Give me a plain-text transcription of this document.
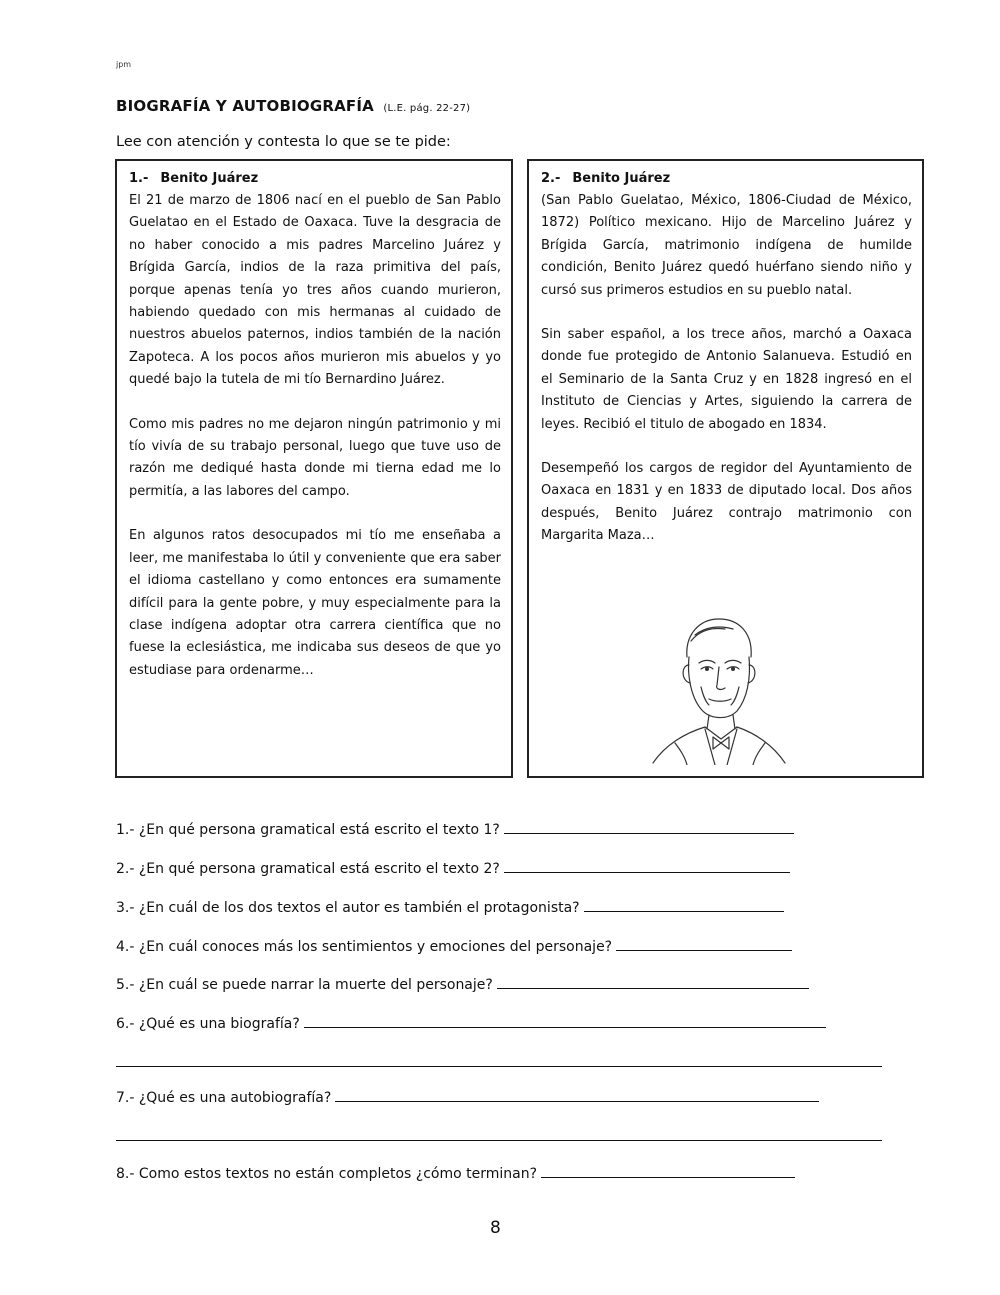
jpm
BIOGRAFÍA Y AUTOBIOGRAFÍA (L.E. pág. 22-27)
Lee con atención y contesta lo que se te pide:
1.- Benito Juárez

El 21 de marzo de 1806 nací en el pueblo de San Pablo Guelatao en el Estado de Oaxaca. Tuve la desgracia de no haber conocido a mis padres Marcelino Juárez y Brígida García, indios de la raza primitiva del país, porque apenas tenía yo tres años cuando murieron, habiendo quedado con mis hermanas al cuidado de nuestros abuelos paternos, indios también de la nación Zapoteca. A los pocos años murieron mis abuelos y yo quedé bajo la tutela de mi tío Bernardino Juárez.

Como mis padres no me dejaron ningún patrimonio y mi tío vivía de su trabajo personal, luego que tuve uso de razón me dediqué hasta donde mi tierna edad me lo permitía, a las labores del campo.

En algunos ratos desocupados mi tío me enseñaba a leer, me manifestaba lo útil y conveniente que era saber el idioma castellano y como entonces era sumamente difícil para la gente pobre, y muy especialmente para la clase indígena adoptar otra carrera científica que no fuese la eclesiástica, me indicaba sus deseos de que yo estudiase para ordenarme…

2.- Benito Juárez

(San Pablo Guelatao, México, 1806-Ciudad de México, 1872) Político mexicano. Hijo de Marcelino Juárez y Brígida García, matrimonio indígena de humilde condición, Benito Juárez quedó huérfano siendo niño y cursó sus primeros estudios en su pueblo natal.

Sin saber español, a los trece años, marchó a Oaxaca donde fue protegido de Antonio Salanueva. Estudió en el Seminario de la Santa Cruz y en 1828 ingresó en el Instituto de Ciencias y Artes, siguiendo la carrera de leyes. Recibió el titulo de abogado en 1834.

Desempeñó los cargos de regidor del Ayuntamiento de Oaxaca en 1831 y en 1833 de diputado local. Dos años después, Benito Juárez contrajo matrimonio con Margarita Maza…

1.- ¿En qué persona gramatical está escrito el texto 1?
2.- ¿En qué persona gramatical está escrito el texto 2?
3.- ¿En cuál de los dos textos el autor es también el protagonista?
4.- ¿En cuál conoces más los sentimientos y emociones del personaje?
5.- ¿En cuál se puede narrar la muerte del personaje?
6.- ¿Qué es una biografía?
7.- ¿Qué es una autobiografía?
8.- Como estos textos no están completos ¿cómo terminan?
8
